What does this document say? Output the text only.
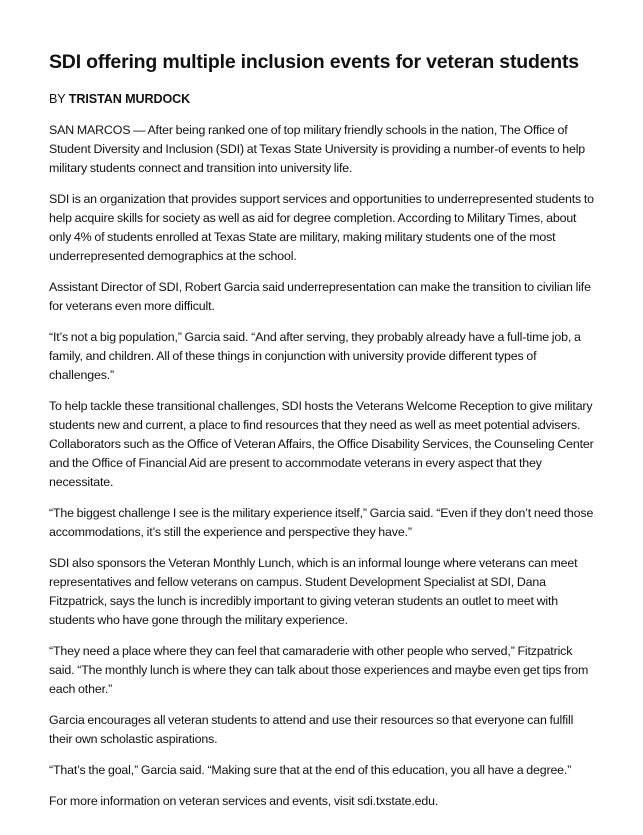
SDI offering multiple inclusion events for veteran students

BY TRISTAN MURDOCK

SAN MARCOS — After being ranked one of top military friendly schools in the nation, The Office of Student Diversity and Inclusion (SDI) at Texas State University is providing a number-of events to help military students connect and transition into university life.

SDI is an organization that provides support services and opportunities to underrepresented students to help acquire skills for society as well as aid for degree completion. According to Military Times, about only 4% of students enrolled at Texas State are military, making military students one of the most underrepresented demographics at the school.

Assistant Director of SDI, Robert Garcia said underrepresentation can make the transition to civilian life for veterans even more difficult.

“It’s not a big population,” Garcia said. “And after serving, they probably already have a full-time job, a family, and children. All of these things in conjunction with university provide different types of challenges.”

To help tackle these transitional challenges, SDI hosts the Veterans Welcome Reception to give military students new and current, a place to find resources that they need as well as meet potential advisers. Collaborators such as the Office of Veteran Affairs, the Office Disability Services, the Counseling Center and the Office of Financial Aid are present to accommodate veterans in every aspect that they necessitate.

“The biggest challenge I see is the military experience itself,” Garcia said. “Even if they don’t need those accommodations, it’s still the experience and perspective they have.”

SDI also sponsors the Veteran Monthly Lunch, which is an informal lounge where veterans can meet representatives and fellow veterans on campus. Student Development Specialist at SDI, Dana Fitzpatrick, says the lunch is incredibly important to giving veteran students an outlet to meet with students who have gone through the military experience.

“They need a place where they can feel that camaraderie with other people who served,” Fitzpatrick said. “The monthly lunch is where they can talk about those experiences and maybe even get tips from each other.”

Garcia encourages all veteran students to attend and use their resources so that everyone can fulfill their own scholastic aspirations.

“That’s the goal,” Garcia said. “Making sure that at the end of this education, you all have a degree.”

For more information on veteran services and events, visit sdi.txstate.edu.
